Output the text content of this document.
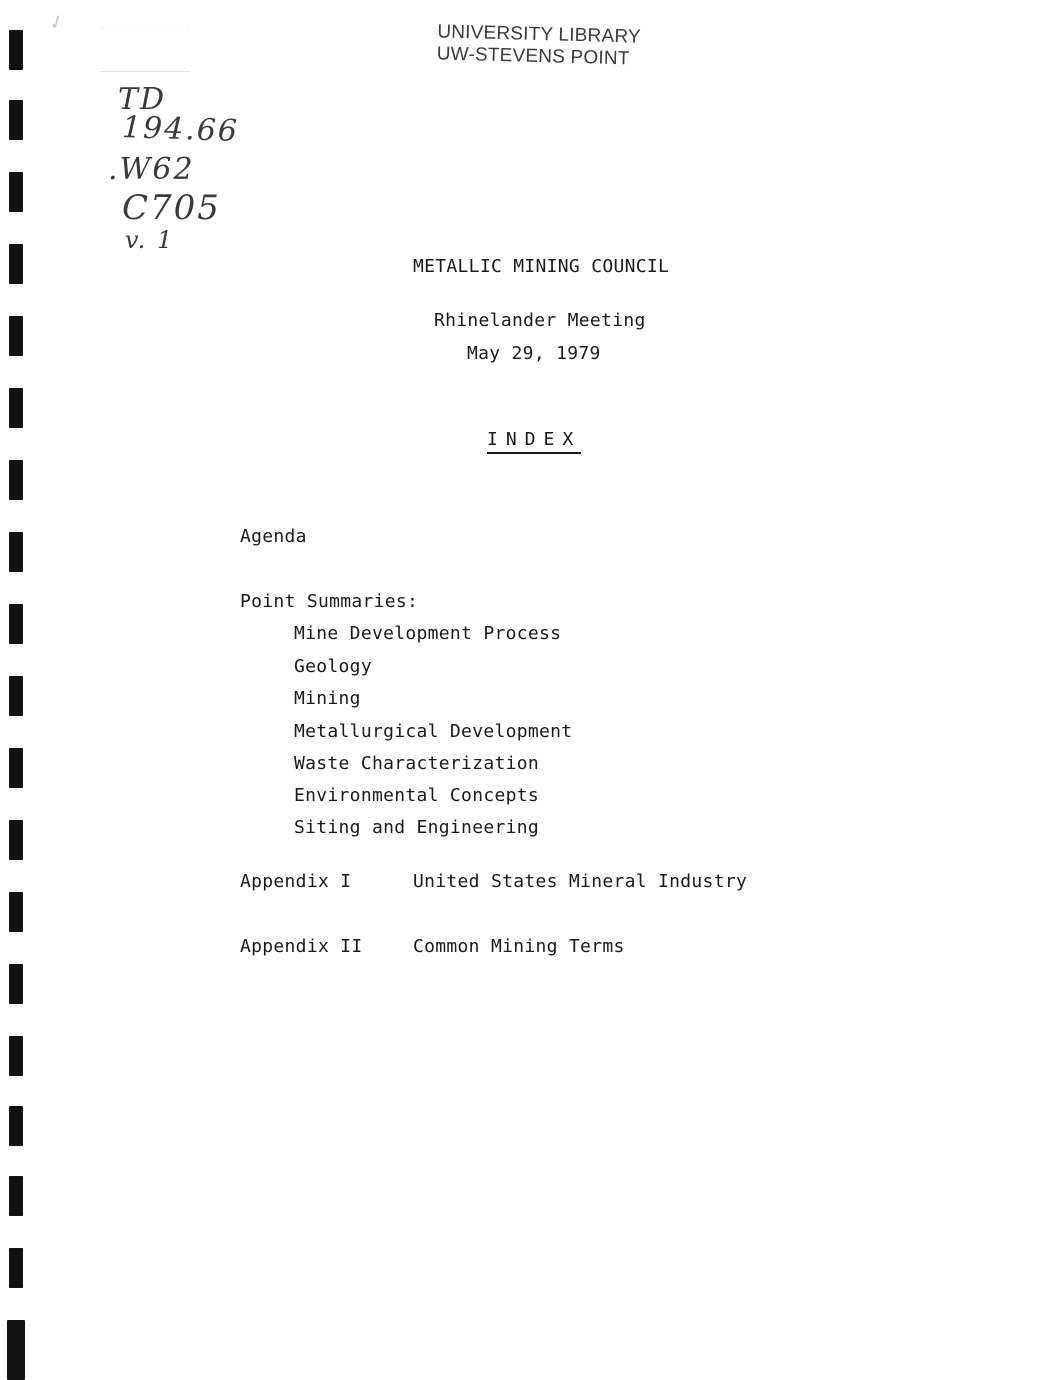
✓	UNIVERSITY LIBRARY
UW-STEVENS POINT
TD
194.66
.W62
C705
v. 1
METALLIC MINING COUNCIL
Rhinelander Meeting
May 29, 1979
INDEX
Agenda
Point Summaries:
Mine Development Process
Geology
Mining
Metallurgical Development
Waste Characterization
Environmental Concepts
Siting and Engineering
Appendix I	United States Mineral Industry
Appendix II	Common Mining Terms
